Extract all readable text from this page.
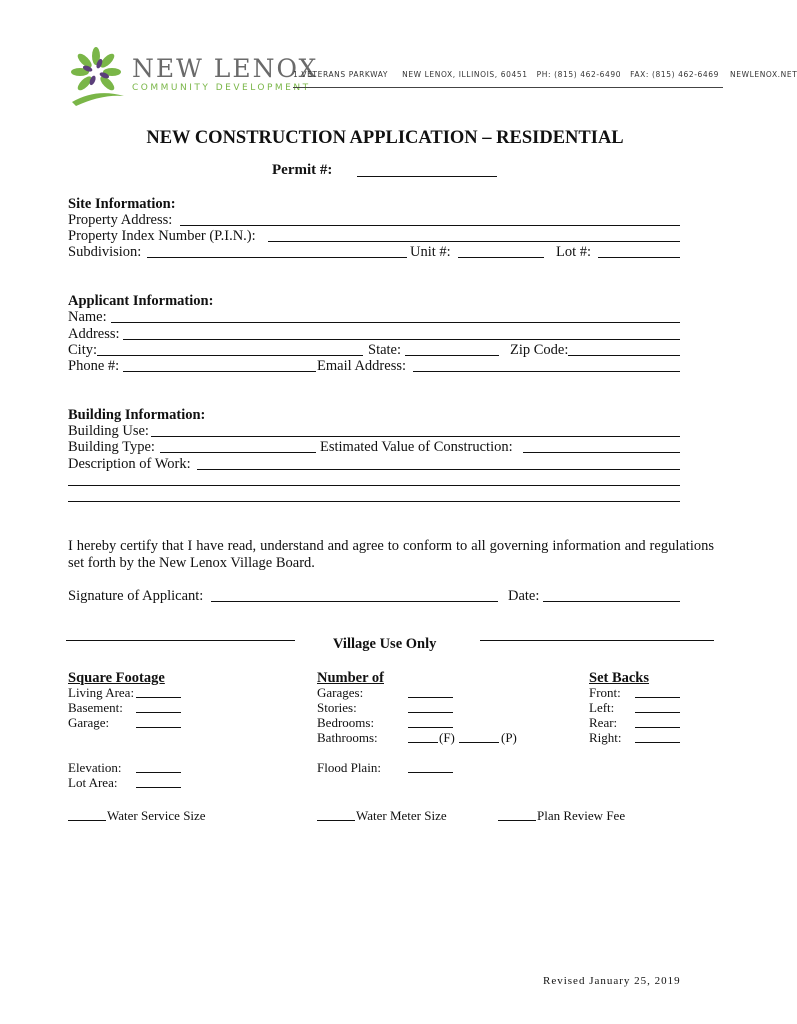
NEW LENOX
COMMUNITY DEVELOPMENT
1 VETERANS PARKWAY NEW LENOX, ILLINOIS, 60451 PH: (815) 462-6490 FAX: (815) 462-6469 NEWLENOX.NET
NEW CONSTRUCTION APPLICATION – RESIDENTIAL
Permit #:
Site Information:
Property Address:
Property Index Number (P.I.N.):
Subdivision:	Unit #:	Lot #:
Applicant Information:
Name:
Address:
City:	State:	Zip Code:
Phone #:	Email Address:
Building Information:
Building Use:
Building Type:	Estimated Value of Construction:
Description of Work:
I hereby certify that I have read, understand and agree to conform to all governing information and regulations set forth by the New Lenox Village Board.
Signature of Applicant:	Date:
Village Use Only
Square Footage
Living Area:
Basement:
Garage:
Elevation:
Lot Area:
Number of
Garages:
Stories:
Bedrooms:
Bathrooms:	(F)	(P)
Flood Plain:
Set Backs
Front:
Left:
Rear:
Right:
Water Service Size	Water Meter Size	Plan Review Fee
Revised January 25, 2019
